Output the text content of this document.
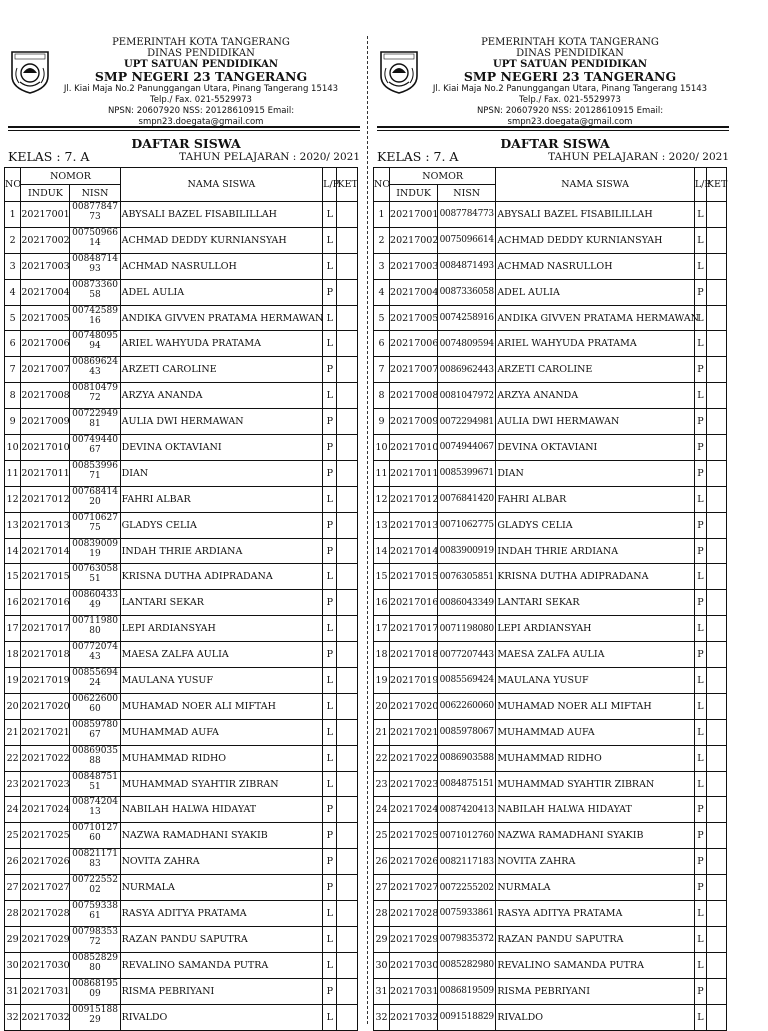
PEMERINTAH KOTA TANGERANG
DINAS PENDIDIKAN
UPT SATUAN PENDIDIKAN
SMP NEGERI 23 TANGERANG
Jl. Kiai Maja No.2 Panunggangan Utara, Pinang Tangerang 15143
Telp./ Fax. 021-5529973
NPSN: 20607920 NSS: 20128610915 Email: smpn23.doegata@gmail.com
DAFTAR SISWA
KELAS : 7. A	TAHUN PELAJARAN : 2020/ 2021
NO	NOMOR		NAMA SISWA	L/P	KET
	INDUK	NISN			
1	20217001	0087784773	ABYSALI BAZEL FISABILILLAH	L	
2	20217002	0075096614	ACHMAD DEDDY KURNIANSYAH	L	
3	20217003	0084871493	ACHMAD NASRULLOH	L	
4	20217004	0087336058	ADEL AULIA	P	
5	20217005	0074258916	ANDIKA GIVVEN PRATAMA HERMAWAN	L	
6	20217006	0074809594	ARIEL WAHYUDA PRATAMA	L	
7	20217007	0086962443	ARZETI CAROLINE	P	
8	20217008	0081047972	ARZYA ANANDA	L	
9	20217009	0072294981	AULIA DWI HERMAWAN	P	
10	20217010	0074944067	DEVINA OKTAVIANI	P	
11	20217011	0085399671	DIAN	P	
12	20217012	0076841420	FAHRI ALBAR	L	
13	20217013	0071062775	GLADYS CELIA	P	
14	20217014	0083900919	INDAH THRIE ARDIANA	P	
15	20217015	0076305851	KRISNA DUTHA ADIPRADANA	L	
16	20217016	0086043349	LANTARI SEKAR	P	
17	20217017	0071198080	LEPI ARDIANSYAH	L	
18	20217018	0077207443	MAESA ZALFA AULIA	P	
19	20217019	0085569424	MAULANA YUSUF	L	
20	20217020	0062260060	MUHAMAD NOER ALI MIFTAH	L	
21	20217021	0085978067	MUHAMMAD AUFA	L	
22	20217022	0086903588	MUHAMMAD RIDHO	L	
23	20217023	0084875151	MUHAMMAD SYAHTIR ZIBRAN	L	
24	20217024	0087420413	NABILAH HALWA HIDAYAT	P	
25	20217025	0071012760	NAZWA RAMADHANI SYAKIB	P	
26	20217026	0082117183	NOVITA ZAHRA	P	
27	20217027	0072255202	NURMALA	P	
28	20217028	0075933861	RASYA ADITYA PRATAMA	L	
29	20217029	0079835372	RAZAN PANDU SAPUTRA	L	
30	20217030	0085282980	REVALINO SAMANDA PUTRA	L	
31	20217031	0086819509	RISMA PEBRIYANI	P	
32	20217032	0091518829	RIVALDO	L	
PEMERINTAH KOTA TANGERANG
DINAS PENDIDIKAN
UPT SATUAN PENDIDIKAN
SMP NEGERI 23 TANGERANG
Jl. Kiai Maja No.2 Panunggangan Utara, Pinang Tangerang 15143
Telp./ Fax. 021-5529973
NPSN: 20607920 NSS: 20128610915 Email: smpn23.doegata@gmail.com
DAFTAR SISWA
KELAS : 7. A	TAHUN PELAJARAN : 2020/ 2021
NO	NOMOR		NAMA SISWA	L/P	KET
	INDUK	NISN			
1	20217001	0087784773	ABYSALI BAZEL FISABILILLAH	L	
2	20217002	0075096614	ACHMAD DEDDY KURNIANSYAH	L	
3	20217003	0084871493	ACHMAD NASRULLOH	L	
4	20217004	0087336058	ADEL AULIA	P	
5	20217005	0074258916	ANDIKA GIVVEN PRATAMA HERMAWAN	L	
6	20217006	0074809594	ARIEL WAHYUDA PRATAMA	L	
7	20217007	0086962443	ARZETI CAROLINE	P	
8	20217008	0081047972	ARZYA ANANDA	L	
9	20217009	0072294981	AULIA DWI HERMAWAN	P	
10	20217010	0074944067	DEVINA OKTAVIANI	P	
11	20217011	0085399671	DIAN	P	
12	20217012	0076841420	FAHRI ALBAR	L	
13	20217013	0071062775	GLADYS CELIA	P	
14	20217014	0083900919	INDAH THRIE ARDIANA	P	
15	20217015	0076305851	KRISNA DUTHA ADIPRADANA	L	
16	20217016	0086043349	LANTARI SEKAR	P	
17	20217017	0071198080	LEPI ARDIANSYAH	L	
18	20217018	0077207443	MAESA ZALFA AULIA	P	
19	20217019	0085569424	MAULANA YUSUF	L	
20	20217020	0062260060	MUHAMAD NOER ALI MIFTAH	L	
21	20217021	0085978067	MUHAMMAD AUFA	L	
22	20217022	0086903588	MUHAMMAD RIDHO	L	
23	20217023	0084875151	MUHAMMAD SYAHTIR ZIBRAN	L	
24	20217024	0087420413	NABILAH HALWA HIDAYAT	P	
25	20217025	0071012760	NAZWA RAMADHANI SYAKIB	P	
26	20217026	0082117183	NOVITA ZAHRA	P	
27	20217027	0072255202	NURMALA	P	
28	20217028	0075933861	RASYA ADITYA PRATAMA	L	
29	20217029	0079835372	RAZAN PANDU SAPUTRA	L	
30	20217030	0085282980	REVALINO SAMANDA PUTRA	L	
31	20217031	0086819509	RISMA PEBRIYANI	P	
32	20217032	0091518829	RIVALDO	L	
